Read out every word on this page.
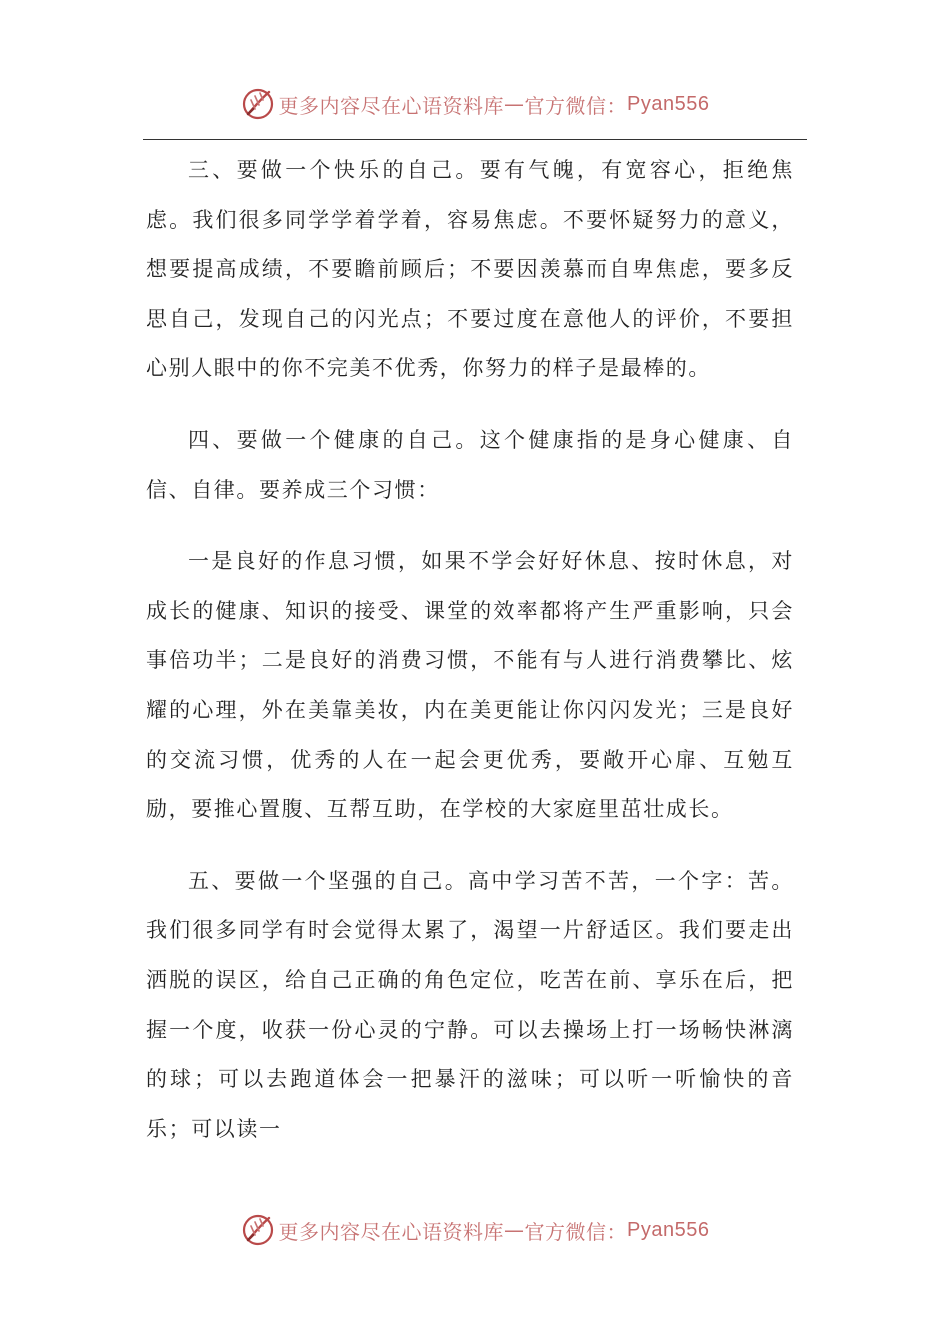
更多内容尽在心语资料库 — 官方微信： Pyan556

三、要做一个快乐的自己。要有气魄，有宽容心，拒绝焦虑。我们很多同学学着学着，容易焦虑。不要怀疑努力的意义，想要提高成绩，不要瞻前顾后；不要因羡慕而自卑焦虑，要多反思自己，发现自己的闪光点；不要过度在意他人的评价，不要担心别人眼中的你不完美不优秀，你努力的样子是最棒的。

四、要做一个健康的自己。这个健康指的是身心健康、自信、自律。要养成三个习惯：

一是良好的作息习惯，如果不学会好好休息、按时休息，对成长的健康、知识的接受、课堂的效率都将产生严重影响，只会事倍功半；二是良好的消费习惯，不能有与人进行消费攀比、炫耀的心理，外在美靠美妆，内在美更能让你闪闪发光；三是良好的交流习惯，优秀的人在一起会更优秀，要敞开心扉、互勉互励，要推心置腹、互帮互助，在学校的大家庭里茁壮成长。

五、要做一个坚强的自己。高中学习苦不苦，一个字：苦。我们很多同学有时会觉得太累了，渴望一片舒适区。我们要走出洒脱的误区，给自己正确的角色定位，吃苦在前、享乐在后，把握一个度，收获一份心灵的宁静。可以去操场上打一场畅快淋漓的球；可以去跑道体会一把暴汗的滋味；可以听一听愉快的音乐；可以读一

更多内容尽在心语资料库 — 官方微信： Pyan556
